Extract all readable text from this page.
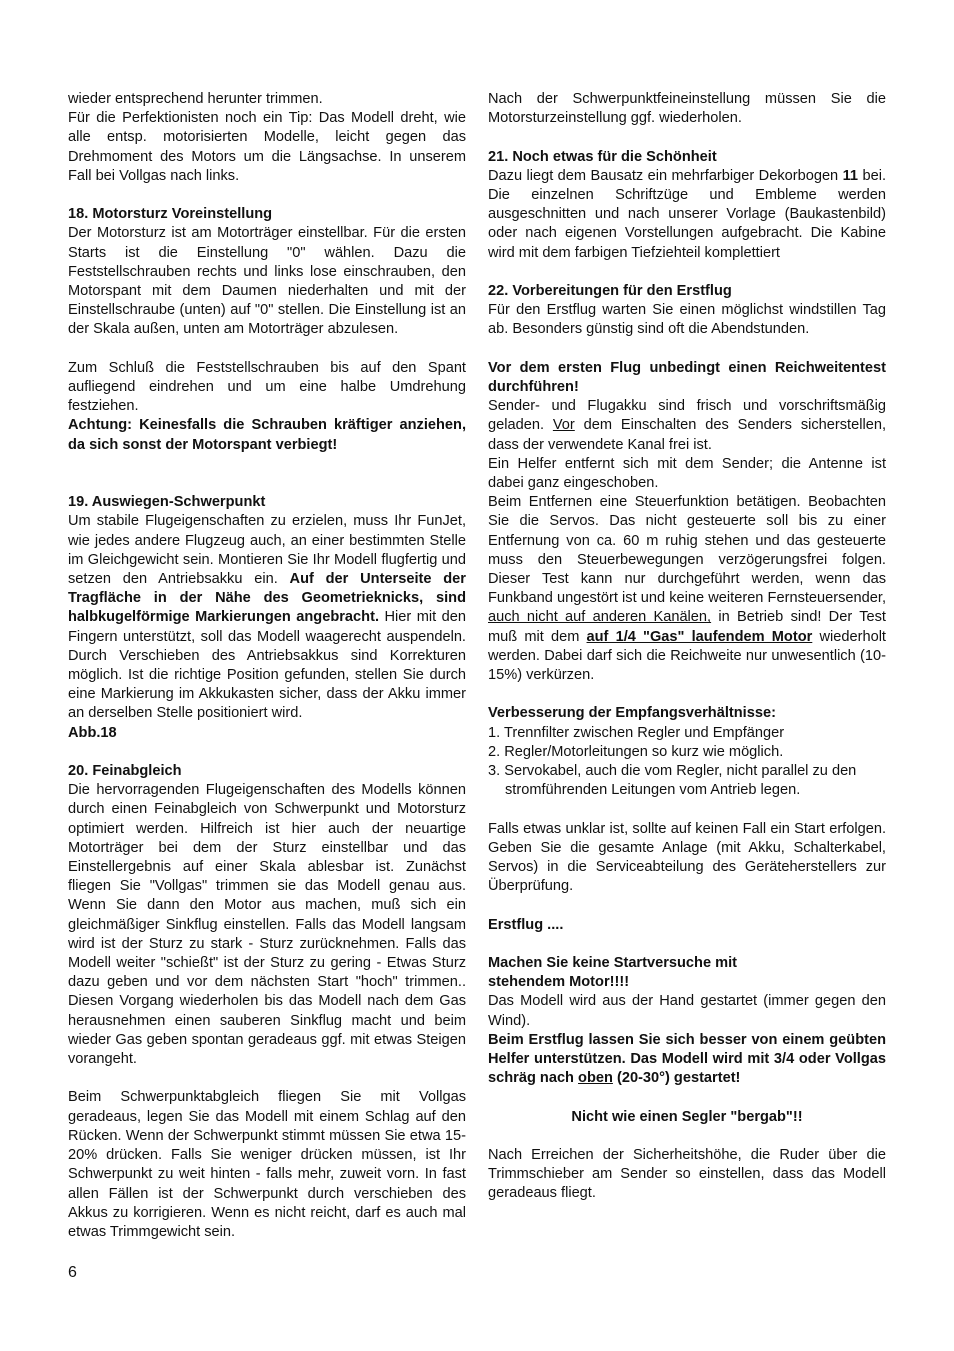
wieder entsprechend herunter trimmen.

Für die Perfektionisten noch ein Tip: Das Modell dreht, wie alle entsp. motorisierten Modelle, leicht gegen das Drehmoment des Motors um die Längsachse. In unserem Fall bei Vollgas nach links.

18. Motorsturz Voreinstellung

Der Motorsturz ist am Motorträger einstellbar. Für die ersten Starts ist die Einstellung "0" wählen. Dazu die Feststellschrauben rechts und links lose einschrauben, den Motorspant mit dem Daumen niederhalten und mit der Einstellschraube (unten) auf "0" stellen. Die Einstellung ist an der Skala außen, unten am Motorträger abzulesen.

Zum Schluß die Feststellschrauben bis auf den Spant aufliegend eindrehen und um eine halbe Umdrehung festziehen.

Achtung: Keinesfalls die Schrauben kräftiger anziehen, da sich sonst der Motorspant verbiegt!

19. Auswiegen-Schwerpunkt

Um stabile Flugeigenschaften zu erzielen, muss Ihr FunJet, wie jedes andere Flugzeug auch, an einer bestimmten Stelle im Gleichgewicht sein. Montieren Sie Ihr Modell flugfertig und setzen den Antriebsakku ein. Auf der Unterseite der Tragfläche in der Nähe des Geometrieknicks, sind halbkugelförmige Markierungen angebracht. Hier mit den Fingern unterstützt, soll das Modell waagerecht auspendeln. Durch Verschieben des Antriebsakkus sind Korrekturen möglich. Ist die richtige Position gefunden, stellen Sie durch eine Markierung im Akkukasten sicher, dass der Akku immer an derselben Stelle positioniert wird.

Abb.18

20. Feinabgleich

Die hervorragenden Flugeigenschaften des Modells können durch einen Feinabgleich von Schwerpunkt und Motorsturz optimiert werden. Hilfreich ist hier auch der neuartige Motorträger bei dem der Sturz einstellbar und das Einstellergebnis auf einer Skala ablesbar ist. Zunächst fliegen Sie "Vollgas" trimmen sie das Modell genau aus. Wenn Sie dann den Motor aus machen, muß sich ein gleichmäßiger Sinkflug einstellen. Falls das Modell langsam wird ist der Sturz zu stark - Sturz zurücknehmen. Falls das Modell weiter "schießt" ist der Sturz zu gering - Etwas Sturz dazu geben und vor dem nächsten Start "hoch" trimmen.. Diesen Vorgang wiederholen bis das Modell nach dem Gas herausnehmen einen sauberen Sinkflug macht und beim wieder Gas geben spontan geradeaus ggf. mit etwas Steigen vorangeht.

Beim Schwerpunktabgleich fliegen Sie mit Vollgas geradeaus, legen Sie das Modell mit einem Schlag auf den Rücken. Wenn der Schwerpunkt stimmt müssen Sie etwa 15-20% drücken. Falls Sie weniger drücken müssen, ist Ihr Schwerpunkt zu weit hinten - falls mehr, zuweit vorn. In fast allen Fällen ist der Schwerpunkt durch verschieben des Akkus zu korrigieren. Wenn es nicht reicht, darf es auch mal etwas Trimmgewicht sein.

Nach der Schwerpunktfeineinstellung müssen Sie die Motorsturzeinstellung ggf. wiederholen.

21. Noch etwas für die Schönheit

Dazu liegt dem Bausatz ein mehrfarbiger Dekorbogen 11 bei. Die einzelnen Schriftzüge und Embleme werden ausgeschnitten und nach unserer Vorlage (Baukastenbild) oder nach eigenen Vorstellungen aufgebracht. Die Kabine wird mit dem farbigen Tiefziehteil komplettiert

22. Vorbereitungen für den Erstflug

Für den Erstflug warten Sie einen möglichst windstillen Tag ab. Besonders günstig sind oft die Abendstunden.

Vor dem ersten Flug unbedingt einen Reichweitentest durchführen!

Sender- und Flugakku sind frisch und vorschriftsmäßig geladen. Vor dem Einschalten des Senders sicherstellen, dass der verwendete Kanal frei ist.

Ein Helfer entfernt sich mit dem Sender; die Antenne ist dabei ganz eingeschoben.

Beim Entfernen eine Steuerfunktion betätigen. Beobachten Sie die Servos. Das nicht gesteuerte soll bis zu einer Entfernung von ca. 60 m ruhig stehen und das gesteuerte muss den Steuerbewegungen verzögerungsfrei folgen. Dieser Test kann nur durchgeführt werden, wenn das Funkband ungestört ist und keine weiteren Fernsteuersender, auch nicht auf anderen Kanälen, in Betrieb sind! Der Test muß mit dem auf 1/4 "Gas" laufendem Motor wiederholt werden. Dabei darf sich die Reichweite nur unwesentlich (10-15%) verkürzen.

Verbesserung der Empfangsverhältnisse:

1. Trennfilter zwischen Regler und Empfänger

2. Regler/Motorleitungen so kurz wie möglich.

3. Servokabel, auch die vom Regler, nicht parallel zu den stromführenden Leitungen vom Antrieb legen.

Falls etwas unklar ist, sollte auf keinen Fall ein Start erfolgen. Geben Sie die gesamte Anlage (mit Akku, Schalterkabel, Servos) in die Serviceabteilung des Geräteherstellers zur Überprüfung.

Erstflug ....

Machen Sie keine Startversuche mit stehendem Motor!!!!

Das Modell wird aus der Hand gestartet (immer gegen den Wind).

Beim Erstflug lassen Sie sich besser von einem geübten Helfer unterstützen. Das Modell wird mit 3/4 oder Vollgas schräg nach oben (20-30°) gestartet!

Nicht wie einen Segler "bergab"!!

Nach Erreichen der Sicherheitshöhe, die Ruder über die Trimmschieber am Sender so einstellen, dass das Modell geradeaus fliegt.

6
